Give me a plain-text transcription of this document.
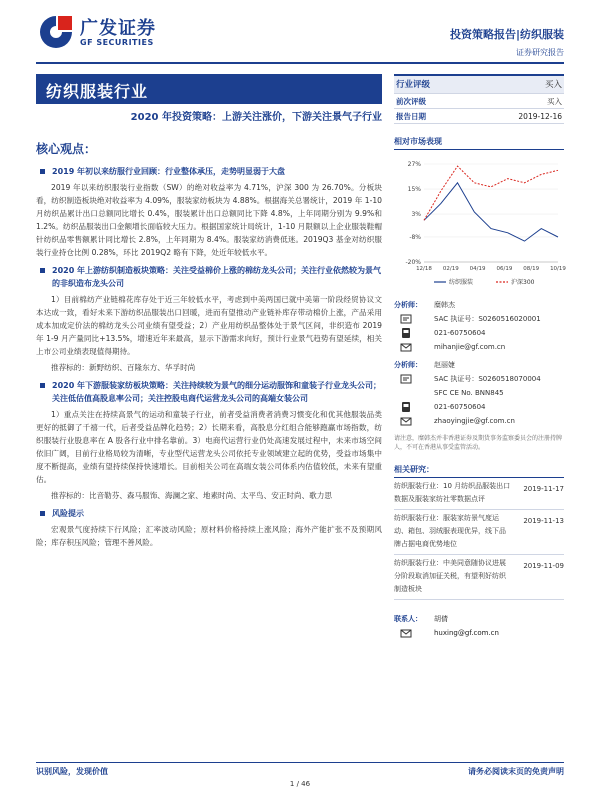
广发证券
GF SECURITIES
投资策略报告|纺织服装
证券研究报告
纺织服装行业
2020 年投资策略：上游关注涨价，下游关注景气子行业
核心观点：
2019 年初以来纺服行业回顾：行业整体承压，走势明显弱于大盘
2019 年以来纺织服装行业指数（SW）的绝对收益率为 4.71%，沪深 300 为 26.70%。分板块看，纺织制造板块绝对收益率为 4.09%，服装家纺板块为 4.88%。根据海关总署统计，2019 年 1-10 月纺织品累计出口总额同比增长 0.4%，服装累计出口总额同比下降 4.8%，上年同期分别为 9.9%和 1.2%。纺织品服装出口金额增长面临较大压力。根据国家统计局统计，1-10 月限额以上企业服装鞋帽针纺织品零售额累计同比增长 2.8%，上年同期为 8.4%。服装家纺消费低迷。2019Q3 基金对纺织服装行业持仓比例 0.28%，环比 2019Q2 略有下降，处近年较低水平。
2020 年上游纺织制造板块策略：关注受益棉价上涨的棉纺龙头公司；关注行业依然较为景气的非织造布龙头公司
1）目前棉纺产业链棉花库存处于近三年较低水平，考虑到中美两国已就中美第一阶段经贸协议文本达成一致，看好未来下游纺织品服装出口回暖，进而有望推动产业链补库存带动棉价上涨，产品采用成本加成定价法的棉纺龙头公司业绩有望受益；2）产业用纺织品整体处于景气区间，非织造布 2019 年 1-9 月产量同比+13.5%，增速近年来最高，显示下游需求向好，预计行业景气趋势有望延续，相关上市公司业绩表现值得期待。
推荐标的：新野纺织、百隆东方、华孚时尚
2020 年下游服装家纺板块策略：关注持续较为景气的细分运动服饰和童装子行业龙头公司；关注低估值高股息率公司；关注控股电商代运营龙头公司的高端女装公司
1）重点关注在持续高景气的运动和童装子行业，前者受益消费者消费习惯变化和优其他服装品类更好的抵御了千禧一代，后者受益品牌化趋势；2）长期来看，高股息分红组合能够跑赢市场指数，纺织服装行业股息率在 A 股各行业中排名靠前。3）电商代运营行业仍处高速发展过程中，未来市场空间依旧广阔，目前行业格局较为清晰，专业型代运营龙头公司依托专业领域建立起的优势，受益市场集中度不断提高，业绩有望持续保持快速增长。目前相关公司在高端女装公司体系内估值较低，未来有望重估。
推荐标的：比音勒芬、森马服饰、海澜之家、地素时尚、太平鸟、安正时尚、歌力思
风险提示
宏观景气度持续下行风险；汇率波动风险；原材料价格持续上涨风险；海外产能扩张不及预期风险；库存积压风险；管理不善风险。
行业评级	买入
前次评级	买入
报告日期	2019-12-16
相对市场表现
27%
15%
3%
-8%
-20%
12/18 02/19 04/19 06/19 08/19 10/19
纺织服装	沪深300
分析师： 糜韩杰
SAC 执证号：S0260516020001
021-60750604
mihanjie@gf.com.cn
分析师： 赵丽婕
SAC 执证号：S0260518070004
SFC CE No. BNN845
021-60750604
zhaoyingjie@gf.com.cn
请注意，糜韩杰并非香港证券及期货事务监察委员会的注册持牌人，不可在香港从事受监管活动。
相关研究：
纺织服装行业：10 月纺织品服装出口数据及服装家纺社零数据点评
2019-11-17
纺织服装行业：服装家纺景气度运动、箱包、羽绒服表现优异，线下品牌占据电商优势地位
2019-11-13
纺织服装行业：中美同意随协议进展分阶段取消加征关税，有望利好纺织制造板块
2019-11-09
联系人： 胡倩
huxing@gf.com.cn
识别风险，发现价值	请务必阅读末页的免责声明
1 / 46
